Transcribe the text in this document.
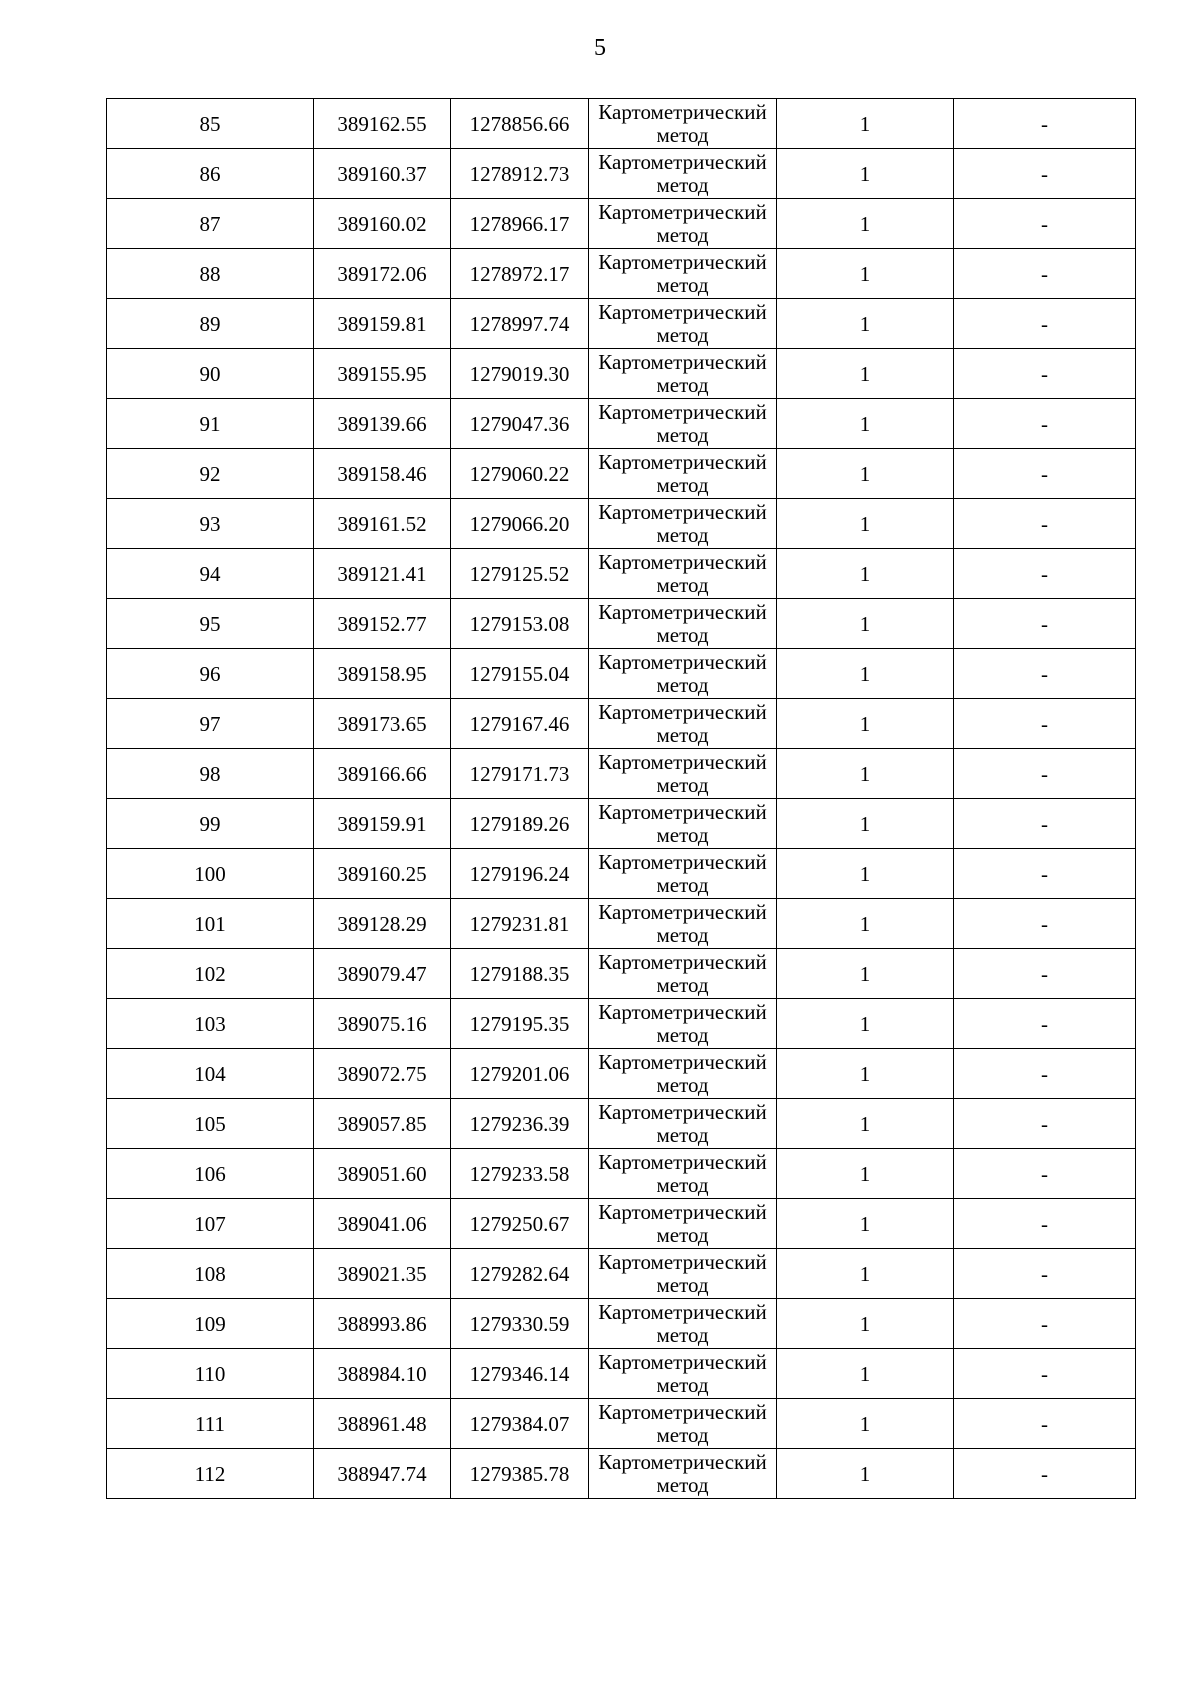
5
85	389162.55	1278856.66	Картометрический
метод	1	-
86	389160.37	1278912.73	Картометрический
метод	1	-
87	389160.02	1278966.17	Картометрический
метод	1	-
88	389172.06	1278972.17	Картометрический
метод	1	-
89	389159.81	1278997.74	Картометрический
метод	1	-
90	389155.95	1279019.30	Картометрический
метод	1	-
91	389139.66	1279047.36	Картометрический
метод	1	-
92	389158.46	1279060.22	Картометрический
метод	1	-
93	389161.52	1279066.20	Картометрический
метод	1	-
94	389121.41	1279125.52	Картометрический
метод	1	-
95	389152.77	1279153.08	Картометрический
метод	1	-
96	389158.95	1279155.04	Картометрический
метод	1	-
97	389173.65	1279167.46	Картометрический
метод	1	-
98	389166.66	1279171.73	Картометрический
метод	1	-
99	389159.91	1279189.26	Картометрический
метод	1	-
100	389160.25	1279196.24	Картометрический
метод	1	-
101	389128.29	1279231.81	Картометрический
метод	1	-
102	389079.47	1279188.35	Картометрический
метод	1	-
103	389075.16	1279195.35	Картометрический
метод	1	-
104	389072.75	1279201.06	Картометрический
метод	1	-
105	389057.85	1279236.39	Картометрический
метод	1	-
106	389051.60	1279233.58	Картометрический
метод	1	-
107	389041.06	1279250.67	Картометрический
метод	1	-
108	389021.35	1279282.64	Картометрический
метод	1	-
109	388993.86	1279330.59	Картометрический
метод	1	-
110	388984.10	1279346.14	Картометрический
метод	1	-
111	388961.48	1279384.07	Картометрический
метод	1	-
112	388947.74	1279385.78	Картометрический
метод	1	-
